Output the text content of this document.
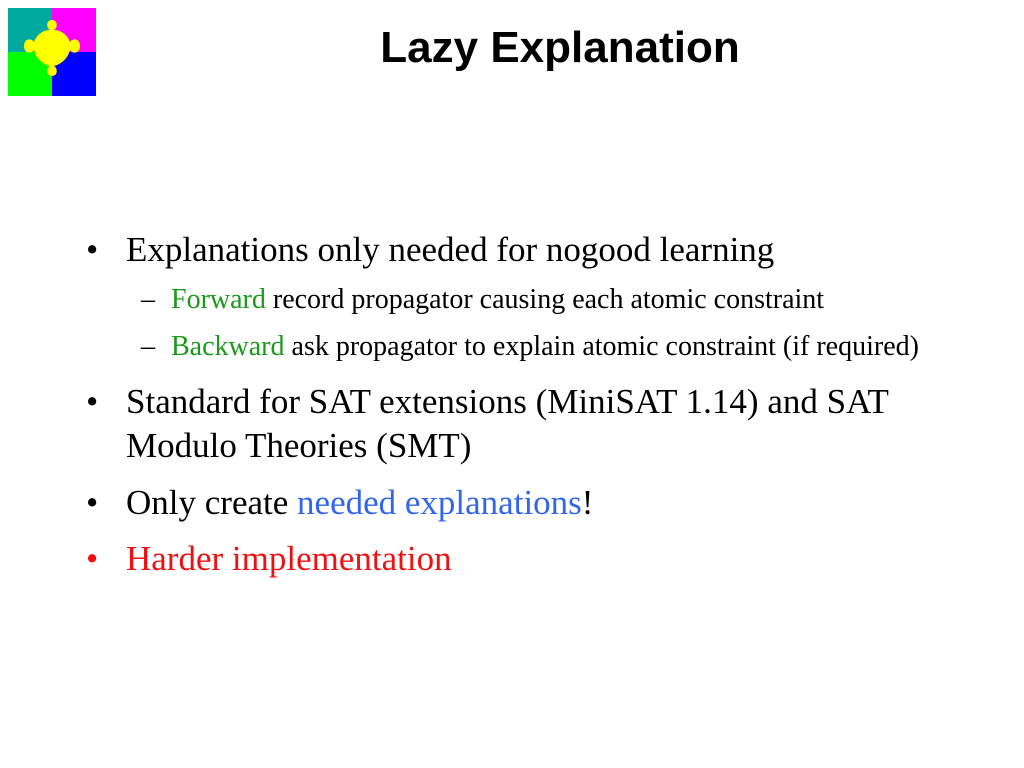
Lazy Explanation
• Explanations only needed for nogood learning
– Forward record propagator causing each atomic constraint
– Backward ask propagator to explain atomic constraint (if required)
• Standard for SAT extensions (MiniSAT 1.14) and SAT Modulo Theories (SMT)
• Only create needed explanations!
• Harder implementation
